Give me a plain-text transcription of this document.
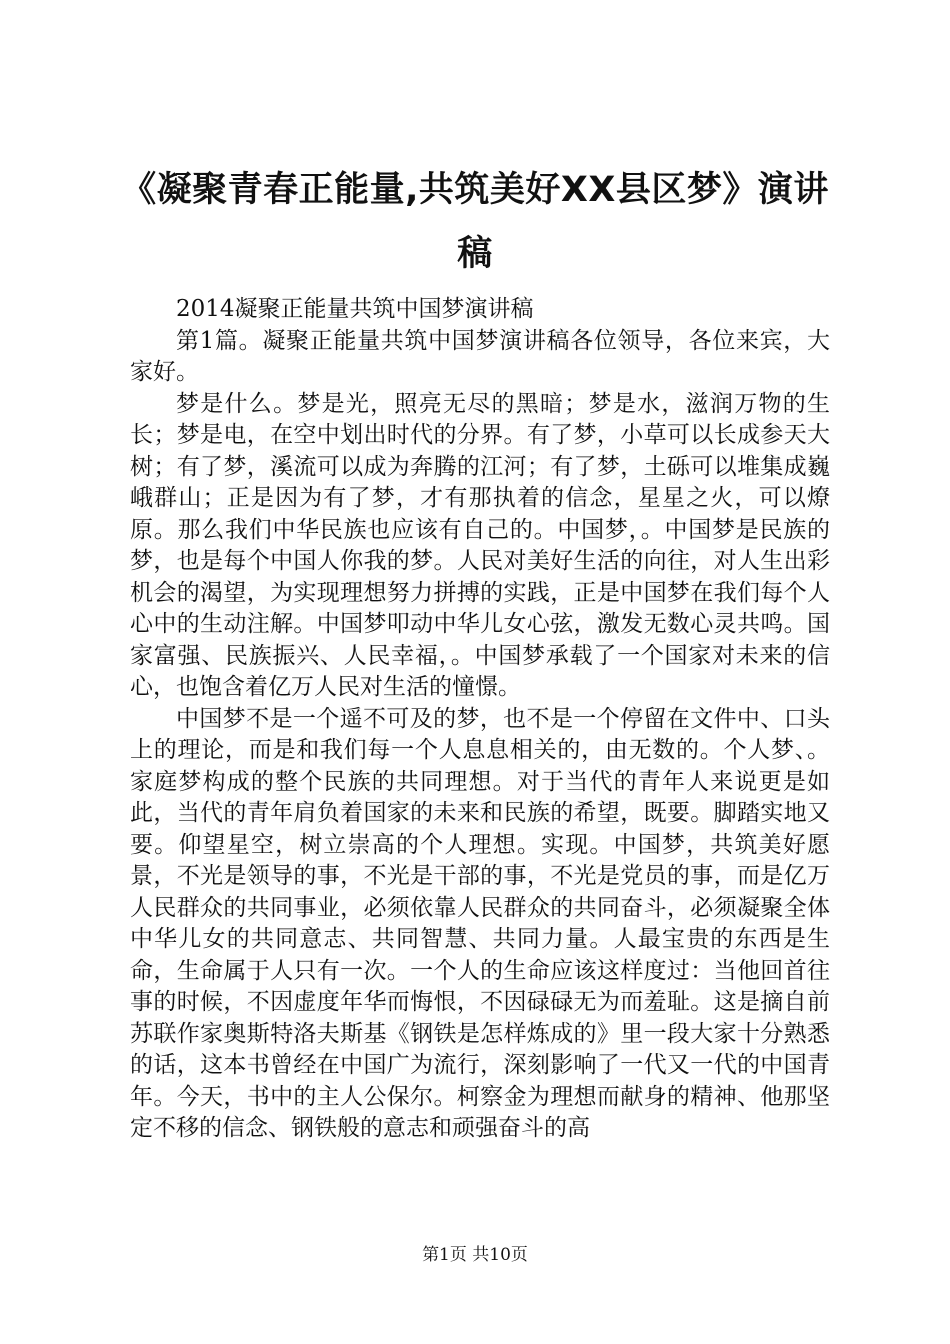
《凝聚青春正能量,共筑美好XX县区梦》演讲稿

2014凝聚正能量共筑中国梦演讲稿

第1篇。凝聚正能量共筑中国梦演讲稿各位领导，各位来宾，大家好。

梦是什么。梦是光，照亮无尽的黑暗；梦是水，滋润万物的生长；梦是电，在空中划出时代的分界。有了梦，小草可以长成参天大树；有了梦，溪流可以成为奔腾的江河；有了梦，土砾可以堆集成巍峨群山；正是因为有了梦，才有那执着的信念，星星之火，可以燎原。那么我们中华民族也应该有自己的。中国梦，。中国梦是民族的梦，也是每个中国人你我的梦。人民对美好生活的向往，对人生出彩机会的渴望，为实现理想努力拼搏的实践，正是中国梦在我们每个人心中的生动注解。中国梦叩动中华儿女心弦，激发无数心灵共鸣。国家富强、民族振兴、人民幸福，。中国梦承载了一个国家对未来的信心，也饱含着亿万人民对生活的憧憬。

中国梦不是一个遥不可及的梦，也不是一个停留在文件中、口头上的理论，而是和我们每一个人息息相关的，由无数的。个人梦、。家庭梦构成的整个民族的共同理想。对于当代的青年人来说更是如此，当代的青年肩负着国家的未来和民族的希望，既要。脚踏实地又要。仰望星空，树立崇高的个人理想。实现。中国梦，共筑美好愿景，不光是领导的事，不光是干部的事，不光是党员的事，而是亿万人民群众的共同事业，必须依靠人民群众的共同奋斗，必须凝聚全体中华儿女的共同意志、共同智慧、共同力量。人最宝贵的东西是生命，生命属于人只有一次。一个人的生命应该这样度过：当他回首往事的时候，不因虚度年华而悔恨，不因碌碌无为而羞耻。这是摘自前苏联作家奥斯特洛夫斯基《钢铁是怎样炼成的》里一段大家十分熟悉的话，这本书曾经在中国广为流行，深刻影响了一代又一代的中国青年。今天，书中的主人公保尔。柯察金为理想而献身的精神、他那坚定不移的信念、钢铁般的意志和顽强奋斗的高

第1页 共10页
